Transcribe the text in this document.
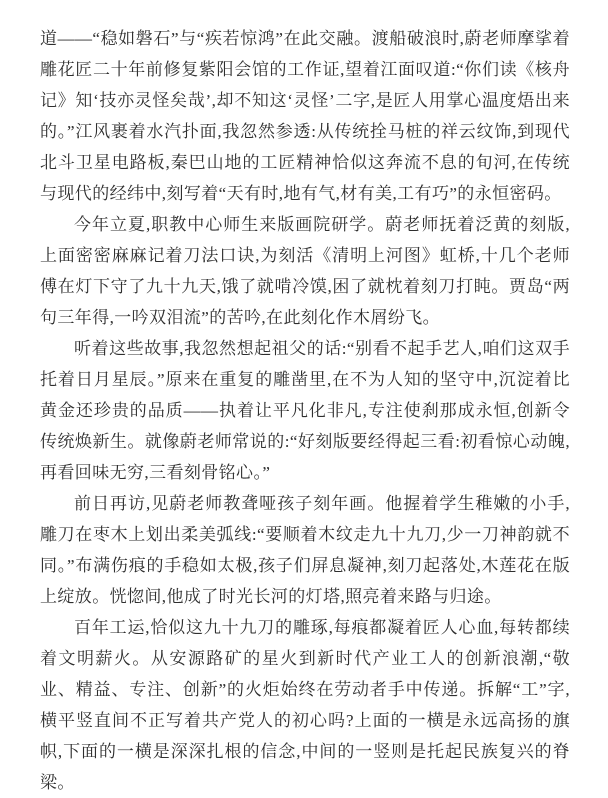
道——“稳如磐石”与“疾若惊鸿”在此交融。渡船破浪时,蔚老师摩挲着雕花匠二十年前修复紫阳会馆的工作证,望着江面叹道:“你们读《核舟记》知‘技亦灵怪矣哉’,却不知这‘灵怪’二字,是匠人用掌心温度焐出来的。”江风裹着水汽扑面,我忽然参透:从传统拴马桩的祥云纹饰,到现代北斗卫星电路板,秦巴山地的工匠精神恰似这奔流不息的旬河,在传统与现代的经纬中,刻写着“天有时,地有气,材有美,工有巧”的永恒密码。

今年立夏,职教中心师生来版画院研学。蔚老师抚着泛黄的刻版,上面密密麻麻记着刀法口诀,为刻活《清明上河图》虹桥,十几个老师傅在灯下守了九十九天,饿了就啃冷馍,困了就枕着刻刀打盹。贾岛“两句三年得,一吟双泪流”的苦吟,在此刻化作木屑纷飞。

听着这些故事,我忽然想起祖父的话:“别看不起手艺人,咱们这双手托着日月星辰。”原来在重复的雕凿里,在不为人知的坚守中,沉淀着比黄金还珍贵的品质——执着让平凡化非凡,专注使刹那成永恒,创新令传统焕新生。就像蔚老师常说的:“好刻版要经得起三看:初看惊心动魄,再看回味无穷,三看刻骨铭心。”

前日再访,见蔚老师教聋哑孩子刻年画。他握着学生稚嫩的小手,雕刀在枣木上划出柔美弧线:“要顺着木纹走九十九刀,少一刀神韵就不同。”布满伤痕的手稳如太极,孩子们屏息凝神,刻刀起落处,木莲花在版上绽放。恍惚间,他成了时光长河的灯塔,照亮着来路与归途。

百年工运,恰似这九十九刀的雕琢,每痕都凝着匠人心血,每转都续着文明薪火。从安源路矿的星火到新时代产业工人的创新浪潮,“敬业、精益、专注、创新”的火炬始终在劳动者手中传递。拆解“工”字,横平竖直间不正写着共产党人的初心吗?上面的一横是永远高扬的旗帜,下面的一横是深深扎根的信念,中间的一竖则是托起民族复兴的脊梁。
